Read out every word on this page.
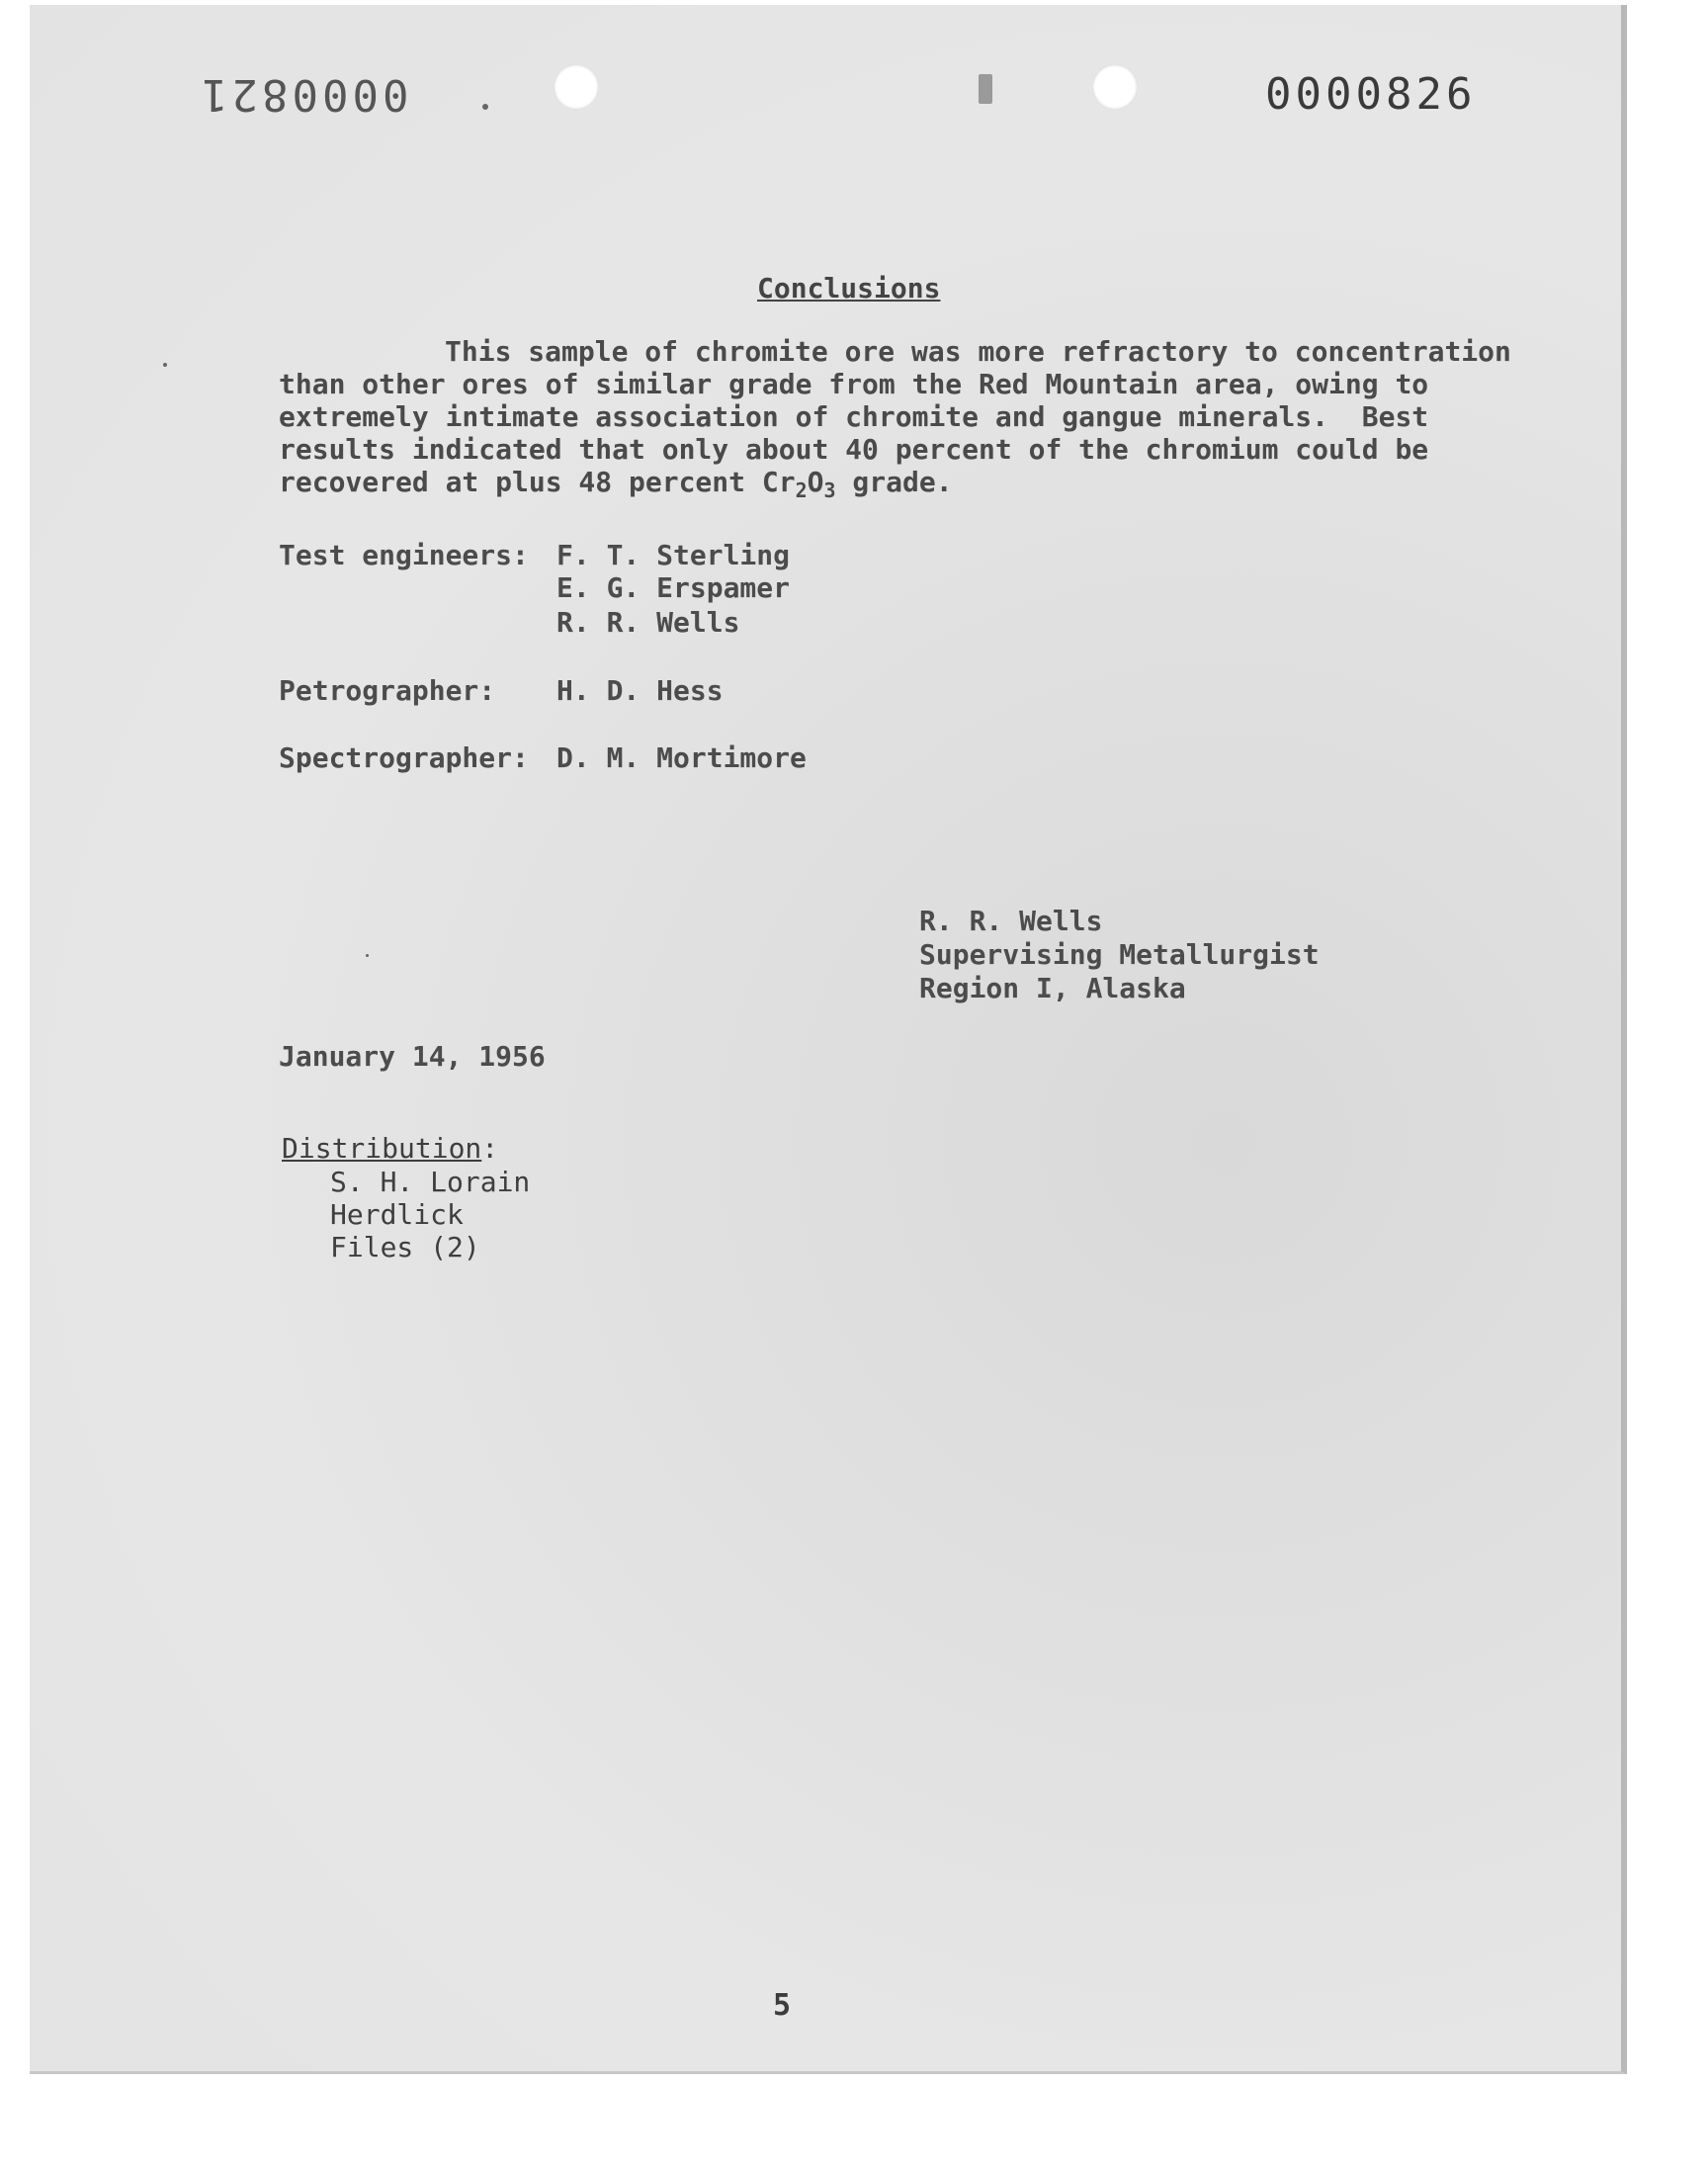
0000821	0000826
Conclusions
This sample of chromite ore was more refractory to concentration
than other ores of similar grade from the Red Mountain area, owing to
extremely intimate association of chromite and gangue minerals.  Best
results indicated that only about 40 percent of the chromium could be
recovered at plus 48 percent $Cr_2O_3$ grade.
Test engineers: F. T. Sterling
E. G. Erspamer
R. R. Wells
Petrographer: H. D. Hess
Spectrographer: D. M. Mortimore
R. R. Wells
Supervising Metallurgist
Region I, Alaska
January 14, 1956
Distribution:
S. H. Lorain
Herdlick
Files (2)
5
